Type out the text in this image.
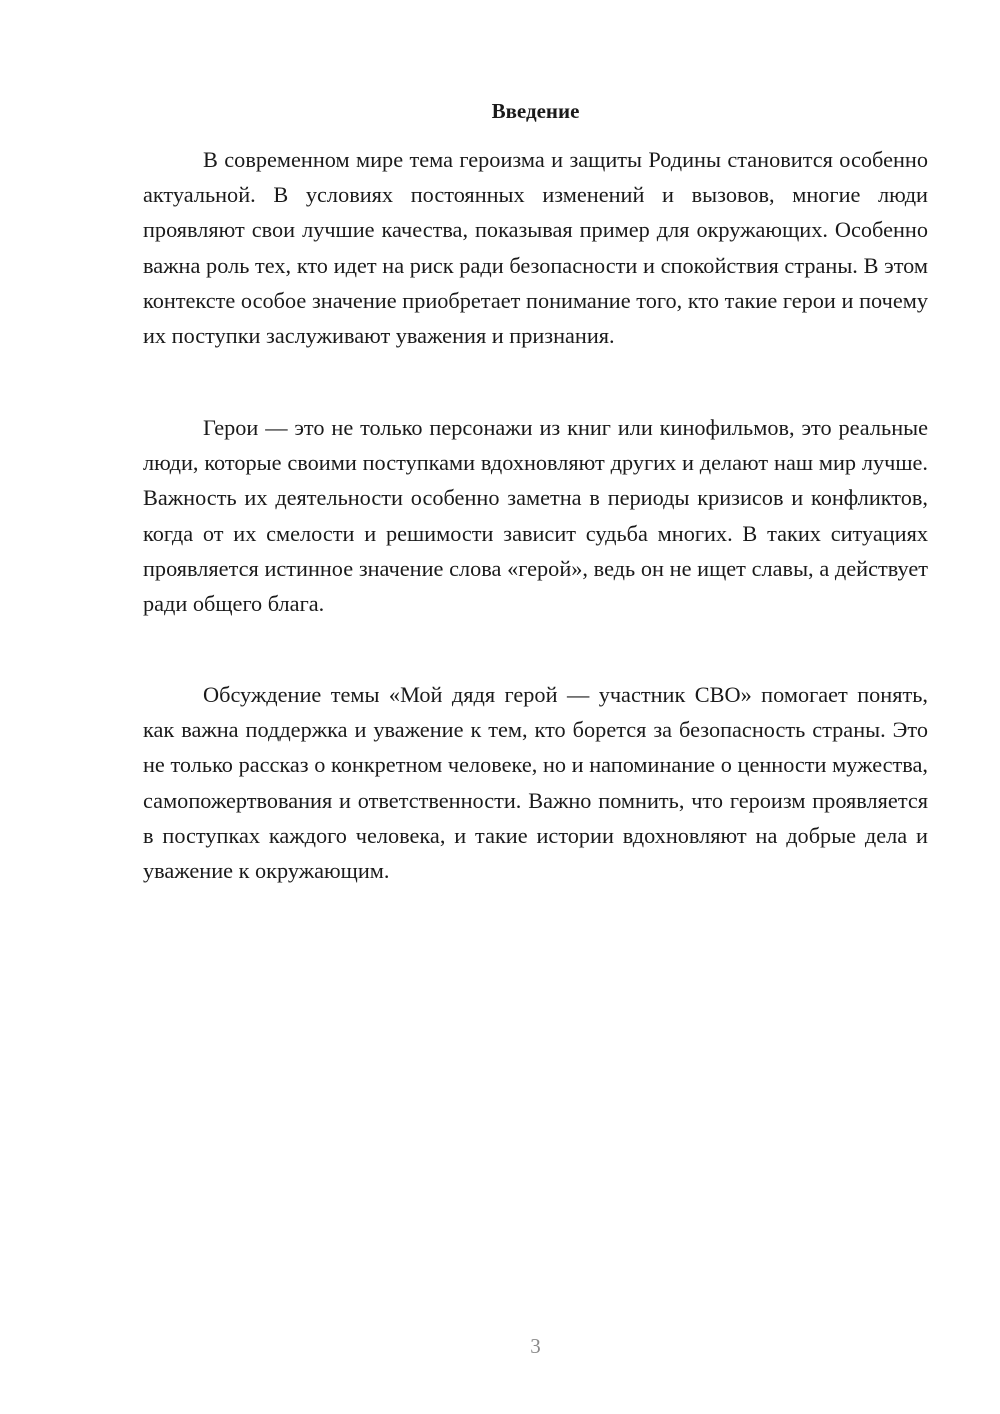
Введение

В современном мире тема героизма и защиты Родины становится особенно актуальной. В условиях постоянных изменений и вызовов, многие люди проявляют свои лучшие качества, показывая пример для окружающих. Особенно важна роль тех, кто идет на риск ради безопасности и спокойствия страны. В этом контексте особое значение приобретает понимание того, кто такие герои и почему их поступки заслуживают уважения и признания.

Герои — это не только персонажи из книг или кинофильмов, это реальные люди, которые своими поступками вдохновляют других и делают наш мир лучше. Важность их деятельности особенно заметна в периоды кризисов и конфликтов, когда от их смелости и решимости зависит судьба многих. В таких ситуациях проявляется истинное значение слова «герой», ведь он не ищет славы, а действует ради общего блага.

Обсуждение темы «Мой дядя герой — участник СВО» помогает понять, как важна поддержка и уважение к тем, кто борется за безопасность страны. Это не только рассказ о конкретном человеке, но и напоминание о ценности мужества, самопожертвования и ответственности. Важно помнить, что героизм проявляется в поступках каждого человека, и такие истории вдохновляют на добрые дела и уважение к окружающим.

3
